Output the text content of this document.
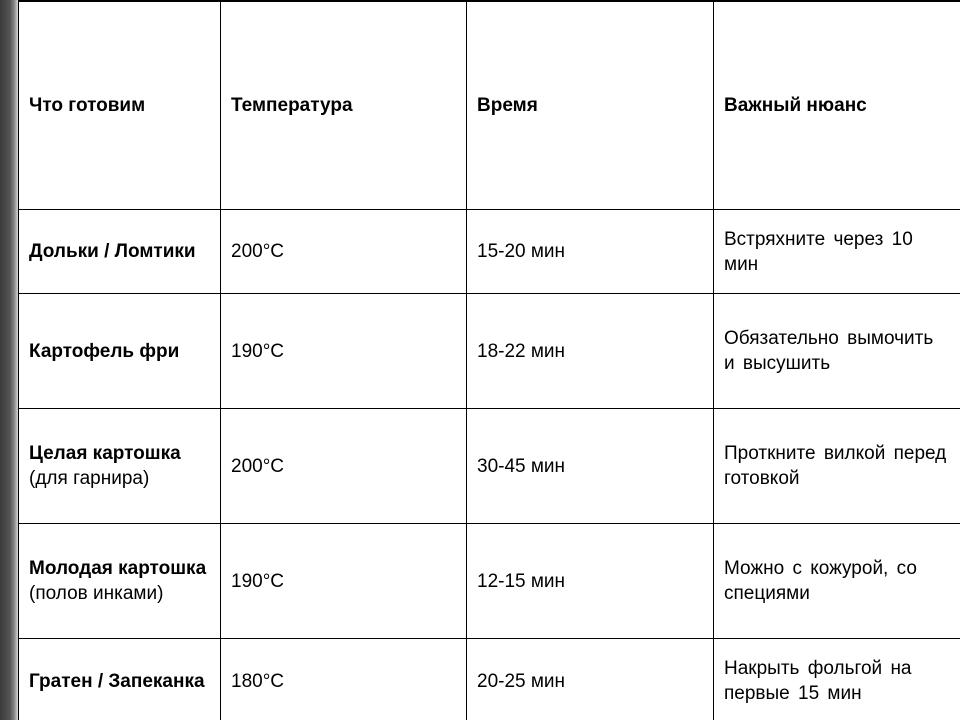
Что готовим	Температура	Время	Важный нюанс
Дольки / Ломтики	200°C	15-20 мин	Встряхните через 10 мин
Картофель фри	190°C	18-22 мин	Обязательно вымочить и высушить
Целая картошка (для гарнира)	200°C	30-45 мин	Проткните вилкой перед готовкой
Молодая картошка (полов инками)	190°C	12-15 мин	Можно с кожурой, со специями
Гратен / Запеканка	180°C	20-25 мин	Накрыть фольгой на первые 15 мин
